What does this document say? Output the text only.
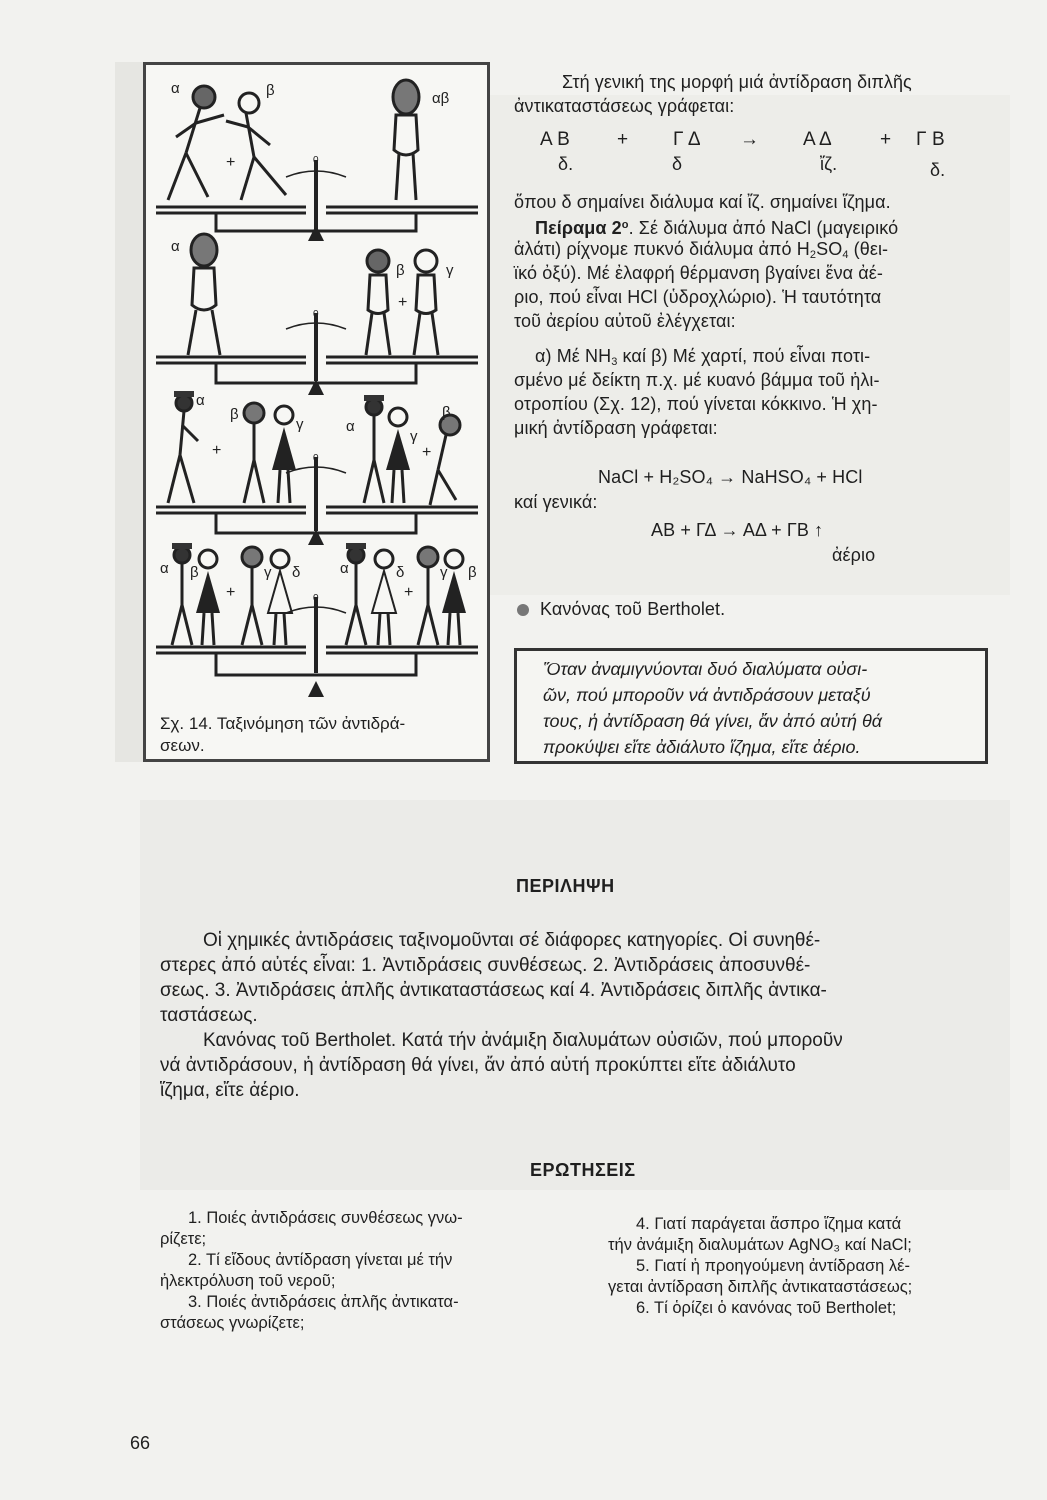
α	β
+
αβ
0
α
β	γ
+
0
α
β
γ	α
γ
β
+	+
0
α β	γ δ	α	δ γ β
+	+
0
Σχ. 14. Ταξινόμηση τῶν ἀντιδρά-
σεων.
Στή γενική της μορφή μιά ἀντίδραση διπλῆς
ἀντικαταστάσεως γράφεται:
Α Β + Γ Δ → Α Δ	+ Γ Β
δ.	δ	ἴζ.	δ.
ὅπου δ σημαίνει διάλυμα καί ἴζ. σημαίνει ἵζημα.
Πείραμα $2^o$. Σέ διάλυμα ἀπό NaCl (μαγειρικό
ἁλάτι) ρίχνομε πυκνό διάλυμα ἀπό $H_2SO_4$ (θει-
ϊκό ὀξύ). Μέ ἐλαφρή θέρμανση βγαίνει ἕνα ἀέ-
ριο, πού εἶναι HCl (ὑδροχλώριο). Ἡ ταυτότητα
τοῦ ἀερίου αὐτοῦ ἐλέγχεται:
α) Μέ $NH_3$ καί β) Μέ χαρτί, πού εἶναι ποτι-
σμένο μέ δείκτη π.χ. μέ κυανό βάμμα τοῦ ἡλι-
οτροπίου (Σχ. 12), πού γίνεται κόκκινο. Ἡ χη-
μική ἀντίδραση γράφεται:
NaCl + H₂SO₄ → NaHSO₄ + HCl
καί γενικά:
ΑΒ + ΓΔ → ΑΔ + ΓΒ ↑
ἀέριο
Κανόνας τοῦ Bertholet.
Ὅταν ἀναμιγνύονται δυό διαλύματα οὐσι-
ῶν, πού μποροῦν νά ἀντιδράσουν μεταξύ
τους, ἡ ἀντίδραση θά γίνει, ἄν ἀπό αὐτή θά
προκύψει εἴτε ἀδιάλυτο ἵζημα, εἴτε ἀέριο.
ΠΕΡΙΛΗΨΗ
Οἱ χημικές ἀντιδράσεις ταξινομοῦνται σέ διάφορες κατηγορίες. Οἱ συνηθέ-
στερες ἀπό αὐτές εἶναι: 1. Ἀντιδράσεις συνθέσεως. 2. Ἀντιδράσεις ἀποσυνθέ-
σεως. 3. Ἀντιδράσεις ἁπλῆς ἀντικαταστάσεως καί 4. Ἀντιδράσεις διπλῆς ἀντικα-
ταστάσεως.
Κανόνας τοῦ Bertholet. Κατά τήν ἀνάμιξη διαλυμάτων οὐσιῶν, πού μποροῦν
νά ἀντιδράσουν, ἡ ἀντίδραση θά γίνει, ἄν ἀπό αὐτή προκύπτει εἴτε ἀδιάλυτο
ἵζημα, εἴτε ἀέριο.
ΕΡΩΤΗΣΕΙΣ
1. Ποιές ἀντιδράσεις συνθέσεως γνω-
ρίζετε;
2. Τί εἴδους ἀντίδραση γίνεται μέ τήν
ἠλεκτρόλυση τοῦ νεροῦ;
3. Ποιές ἀντιδράσεις ἁπλῆς ἀντικατα-
στάσεως γνωρίζετε;
4. Γιατί παράγεται ἄσπρο ἵζημα κατά
τήν ἀνάμιξη διαλυμάτων AgNO₃ καί NaCl;
5. Γιατί ἡ προηγούμενη ἀντίδραση λέ-
γεται ἀντίδραση διπλῆς ἀντικαταστάσεως;
6. Τί ὁρίζει ὁ κανόνας τοῦ Bertholet;
66
